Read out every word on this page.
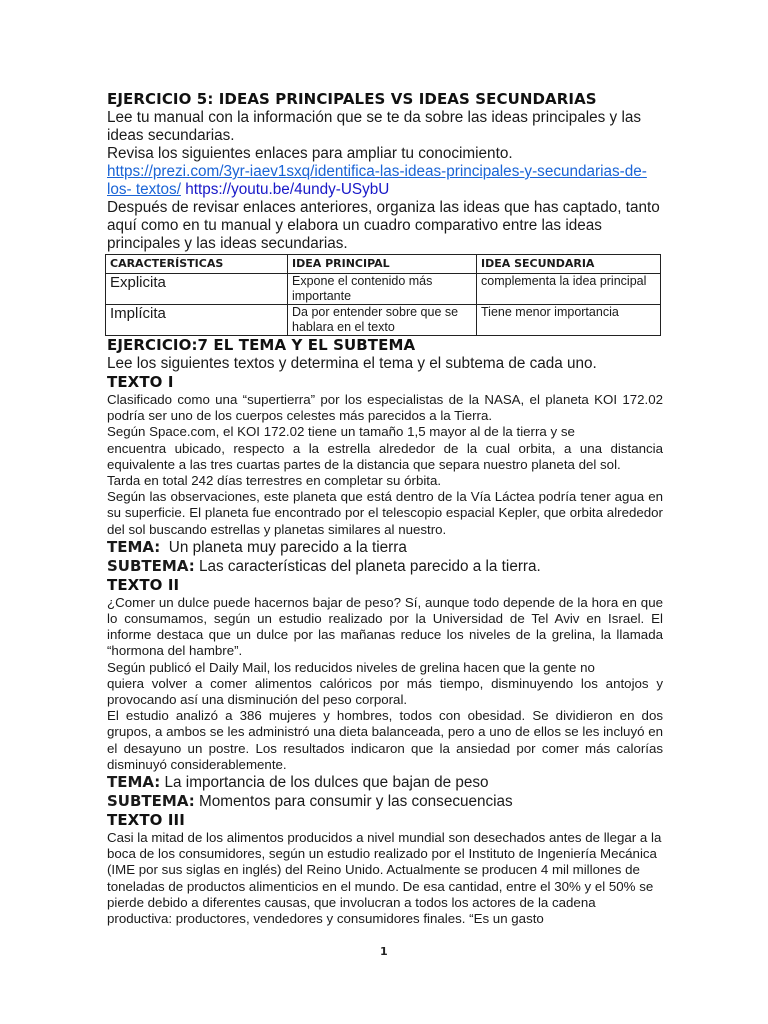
EJERCICIO 5: IDEAS PRINCIPALES VS IDEAS SECUNDARIAS

Lee tu manual con la información que se te da sobre las ideas principales y las ideas secundarias.

Revisa los siguientes enlaces para ampliar tu conocimiento.

https://prezi.com/3yr-iaev1sxq/identifica-las-ideas-principales-y-secundarias-de-los- textos/ https://youtu.be/4undy-USybU

Después de revisar enlaces anteriores, organiza las ideas que has captado, tanto aquí como en tu manual y elabora un cuadro comparativo entre las ideas principales y las ideas secundarias.

CARACTERÍSTICAS	IDEA PRINCIPAL	IDEA SECUNDARIA
Explicita	Expone el contenido más importante	complementa la idea principal
Implícita	Da por entender sobre que se hablara en el texto	Tiene menor importancia
EJERCICIO:7 EL TEMA Y EL SUBTEMA

Lee los siguientes textos y determina el tema y el subtema de cada uno.

TEXTO I

Clasificado como una “supertierra” por los especialistas de la NASA, el planeta KOI 172.02 podría ser uno de los cuerpos celestes más parecidos a la Tierra.

Según Space.com, el KOI 172.02 tiene un tamaño 1,5 mayor al de la tierra y se

encuentra ubicado, respecto a la estrella alrededor de la cual orbita, a una distancia equivalente a las tres cuartas partes de la distancia que separa nuestro planeta del sol.

Tarda en total 242 días terrestres en completar su órbita.

Según las observaciones, este planeta que está dentro de la Vía Láctea podría tener agua en su superficie. El planeta fue encontrado por el telescopio espacial Kepler, que orbita alrededor del sol buscando estrellas y planetas similares al nuestro.

TEMA: Un planeta muy parecido a la tierra

SUBTEMA: Las características del planeta parecido a la tierra.

TEXTO II

¿Comer un dulce puede hacernos bajar de peso? Sí, aunque todo depende de la hora en que lo consumamos, según un estudio realizado por la Universidad de Tel Aviv en Israel. El informe destaca que un dulce por las mañanas reduce los niveles de la grelina, la llamada “hormona del hambre”.

Según publicó el Daily Mail, los reducidos niveles de grelina hacen que la gente no

quiera volver a comer alimentos calóricos por más tiempo, disminuyendo los antojos y provocando así una disminución del peso corporal.

El estudio analizó a 386 mujeres y hombres, todos con obesidad. Se dividieron en dos grupos, a ambos se les administró una dieta balanceada, pero a uno de ellos se les incluyó en el desayuno un postre. Los resultados indicaron que la ansiedad por comer más calorías disminuyó considerablemente.

TEMA: La importancia de los dulces que bajan de peso

SUBTEMA: Momentos para consumir y las consecuencias

TEXTO III

Casi la mitad de los alimentos producidos a nivel mundial son desechados antes de llegar a la boca de los consumidores, según un estudio realizado por el Instituto de Ingeniería Mecánica (IME por sus siglas en inglés) del Reino Unido. Actualmente se producen 4 mil millones de toneladas de productos alimenticios en el mundo. De esa cantidad, entre el 30% y el 50% se pierde debido a diferentes causas, que involucran a todos los actores de la cadena productiva: productores, vendedores y consumidores finales. “Es un gasto

1
